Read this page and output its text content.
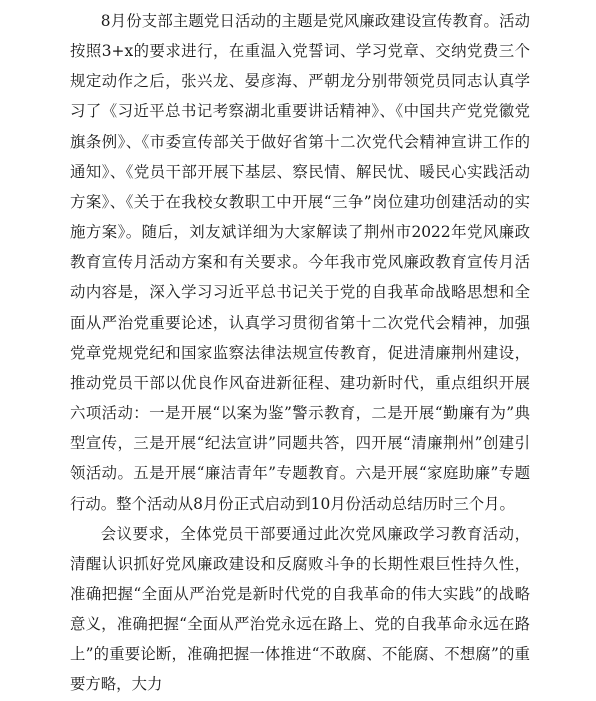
8月份支部主题党日活动的主题是党风廉政建设宣传教育。活动按照3+x的要求进行，在重温入党誓词、学习党章、交纳党费三个规定动作之后，张兴龙、晏彦海、严朝龙分别带领党员同志认真学习了《习近平总书记考察湖北重要讲话精神》、《中国共产党党徽党旗条例》、《市委宣传部关于做好省第十二次党代会精神宣讲工作的通知》、《党员干部开展下基层、察民情、解民忧、暖民心实践活动方案》、《关于在我校女教职工中开展“三争”岗位建功创建活动的实施方案》。随后，刘友斌详细为大家解读了荆州市2022年党风廉政教育宣传月活动方案和有关要求。今年我市党风廉政教育宣传月活动内容是，深入学习习近平总书记关于党的自我革命战略思想和全面从严治党重要论述，认真学习贯彻省第十二次党代会精神，加强党章党规党纪和国家监察法律法规宣传教育，促进清廉荆州建设，推动党员干部以优良作风奋进新征程、建功新时代，重点组织开展六项活动：一是开展“以案为鉴”警示教育，二是开展“勤廉有为”典型宣传，三是开展“纪法宣讲”同题共答，四开展“清廉荆州”创建引领活动。五是开展“廉洁青年”专题教育。六是开展“家庭助廉”专题行动。整个活动从8月份正式启动到10月份活动总结历时三个月。

会议要求，全体党员干部要通过此次党风廉政学习教育活动，清醒认识抓好党风廉政建设和反腐败斗争的长期性艰巨性持久性，准确把握“全面从严治党是新时代党的自我革命的伟大实践”的战略意义，准确把握“全面从严治党永远在路上、党的自我革命永远在路上”的重要论断，准确把握一体推进“不敢腐、不能腐、不想腐”的重要方略，大力
